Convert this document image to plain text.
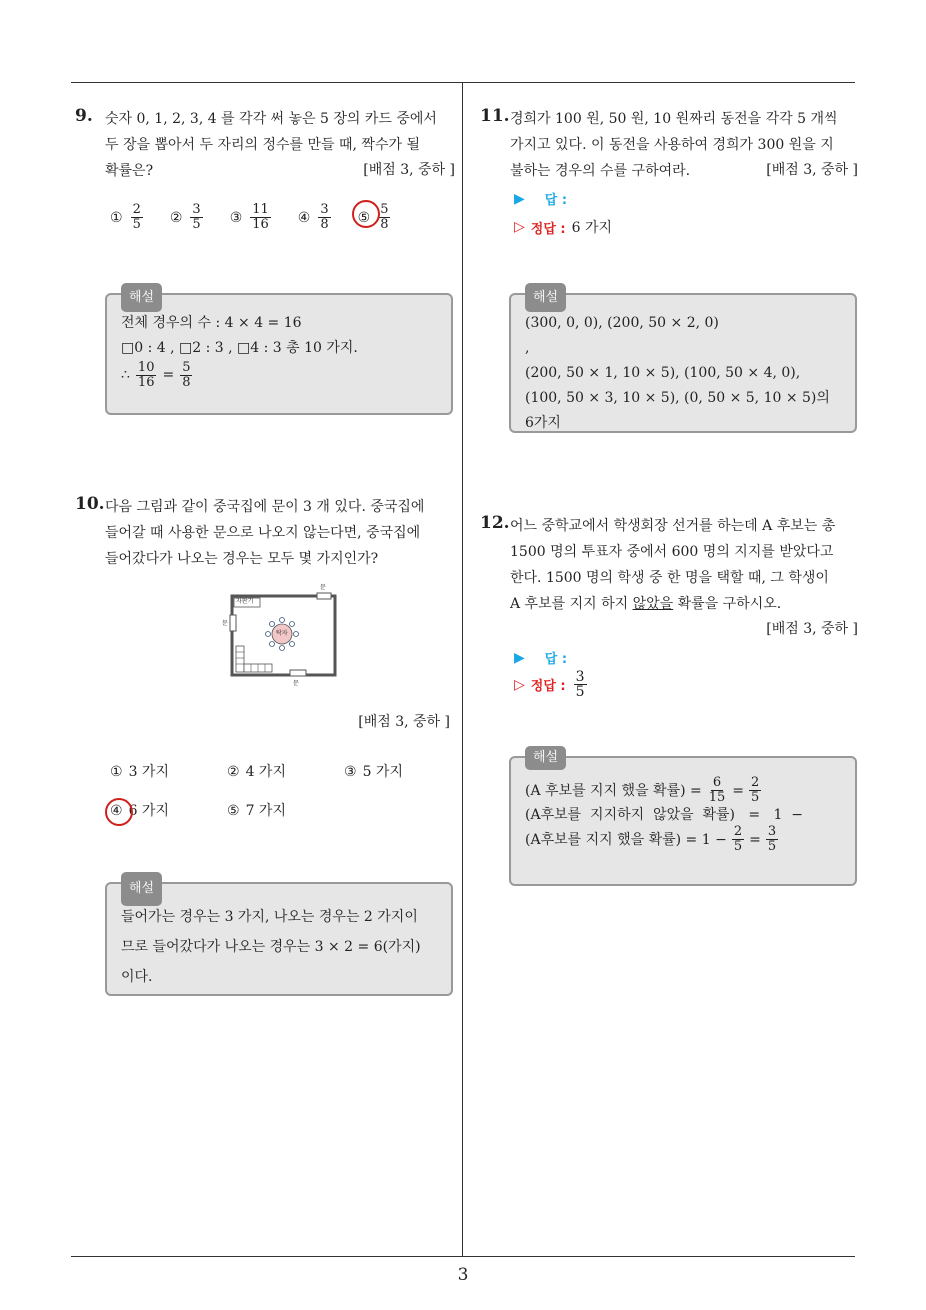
3
9. 숫자 0, 1, 2, 3, 4 를 각각 써 놓은 5 장의 카드 중에서
두 장을 뽑아서 두 자리의 정수를 만들 때, 짝수가 될
확률은?	[배점 3, 중하 ]
① $\frac{2}{5}$ ② $\frac{3}{5}$ ③ $\frac{11}{16}$ ④ $\frac{3}{8}$ ⑤ $\frac{5}{8}$
해설
전체 경우의 수 : 4 × 4 = 16
□0 : 4 , □2 : 3 , □4 : 3 총 10 가지.
∴ $\frac{10}{16} = \frac{5}{8}$
10. 다음 그림과 같이 중국집에 문이 3 개 있다. 중국집에
들어갈 때 사용한 문으로 나오지 않는다면, 중국집에
들어갔다가 나오는 경우는 모두 몇 가지인가?
문
문
문
자판기
탁자
[배점 3, 중하 ]
① 3 가지	② 4 가지	③ 5 가지
④ 6 가지	⑤ 7 가지
해설
들어가는 경우는 3 가지, 나오는 경우는 2 가지이
므로 들어갔다가 나오는 경우는 3 × 2 = 6(가지)
이다.
11. 경희가 100 원, 50 원, 10 원짜리 동전을 각각 5 개씩
가지고 있다. 이 동전을 사용하여 경희가 300 원을 지
불하는 경우의 수를 구하여라.	[배점 3, 중하 ]
▶ 답 :
▷ 정답 : 6 가지
해설
(300, 0, 0), (200, 50 × 2, 0)
,
(200, 50 × 1, 10 × 5), (100, 50 × 4, 0),
(100, 50 × 3, 10 × 5), (0, 50 × 5, 10 × 5)의 6가지
12. 어느 중학교에서 학생회장 선거를 하는데 A 후보는 총
1500 명의 투표자 중에서 600 명의 지지를 받았다고
한다. 1500 명의 학생 중 한 명을 택할 때, 그 학생이
A 후보를 지지 하지 않았을 확률을 구하시오.
[배점 3, 중하 ]
▶ 답 :
▷ 정답 : $\frac{3}{5}$
해설
(A 후보를 지지 했을 확률) = $\frac{6}{15} = \frac{2}{5}$
(A후보를  지지하지  않았을  확률)   =   1  −
(A후보를 지지 했을 확률) = $1 - \frac{2}{5} = \frac{3}{5}$
